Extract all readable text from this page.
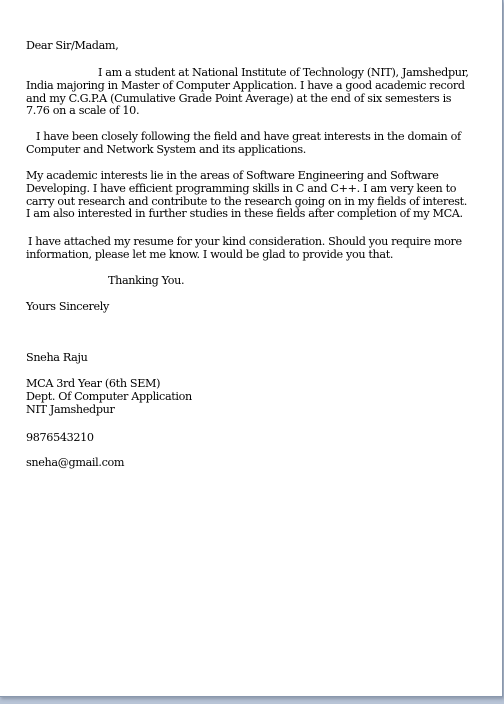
Dear Sir/Madam,
I am a student at National Institute of Technology (NIT), Jamshedpur, India majoring in Master of Computer Application. I have a good academic record and my C.G.P.A (Cumulative Grade Point Average) at the end of six semesters is 7.76 on a scale of 10.
I have been closely following the field and have great interests in the domain of Computer and Network System and its applications.
My academic interests lie in the areas of Software Engineering and Software Developing. I have efficient programming skills in C and C++. I am very keen to carry out research and contribute to the research going on in my fields of interest. I am also interested in further studies in these fields after completion of my MCA.
I have attached my resume for your kind consideration. Should you require more information, please let me know. I would be glad to provide you that.
Thanking You.
Yours Sincerely
Sneha Raju
MCA 3rd Year (6th SEM)
Dept. Of Computer Application
NIT Jamshedpur
9876543210
sneha@gmail.com
